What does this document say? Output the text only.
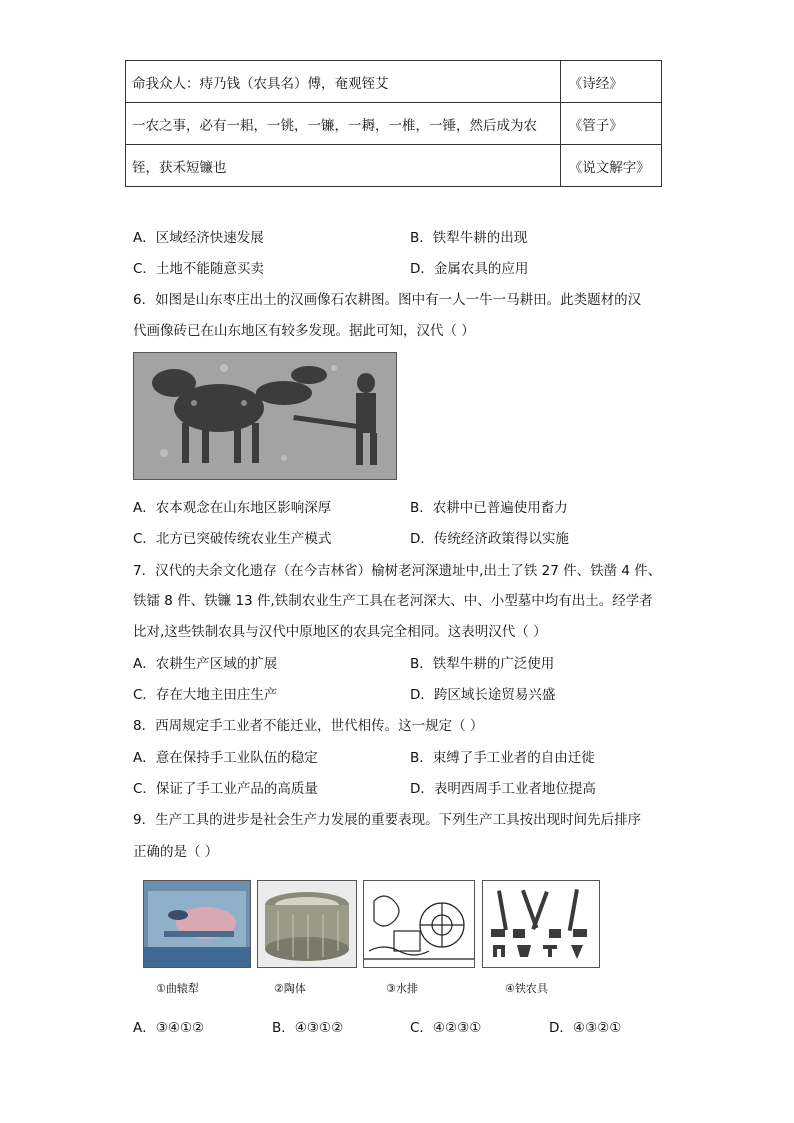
命我众人：痔乃钱（农具名）傅，奄观铚艾	《诗经》
一农之事，必有一耜，一铫，一镰，一耨，一椎，一锤，然后成为农	《管子》
铚，获禾短镰也	《说文解字》
A．区域经济快速发展	B．铁犁牛耕的出现
C．土地不能随意买卖	D．金属农具的应用
6．如图是山东枣庄出土的汉画像石农耕图。图中有一人一牛一马耕田。此类题材的汉
代画像砖已在山东地区有较多发现。据此可知，汉代（ ）
A．农本观念在山东地区影响深厚	B．农耕中已普遍使用畜力
C．北方已突破传统农业生产模式	D．传统经济政策得以实施
7．汉代的夫余文化遗存（在今吉林省）榆树老河深遗址中,出土了铁 27 件、铁凿 4 件、
铁镭 8 件、铁镰 13 件,铁制农业生产工具在老河深大、中、小型墓中均有出土。经学者
比对,这些铁制农具与汉代中原地区的农具完全相同。这表明汉代（ ）
A．农耕生产区域的扩展	B．铁犁牛耕的广泛使用
C．存在大地主田庄生产	D．跨区域长途贸易兴盛
8．西周规定手工业者不能迁业，世代相传。这一规定（ ）
A．意在保持手工业队伍的稳定	B．束缚了手工业者的自由迁徙
C．保证了手工业产品的高质量	D．表明西周手工业者地位提高
9．生产工具的进步是社会生产力发展的重要表现。下列生产工具按出现时间先后排序
正确的是（ ）
①曲辕犁	②陶体	③水排	④铁农具
A．③④①②	B．④③①②	C．④②③①	D．④③②①
